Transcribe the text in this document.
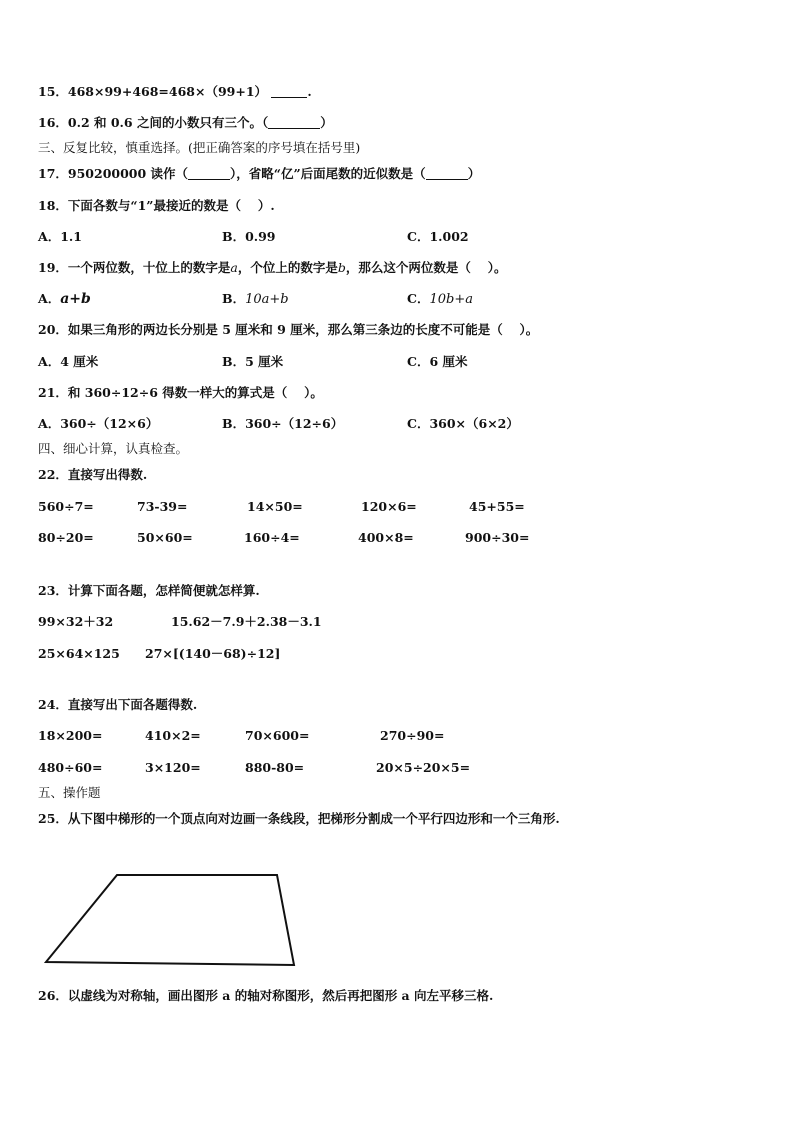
15．468×99+468=468×（99+1）	.
16．0.2 和 0.6 之间的小数只有三个。（	）
三、反复比较，慎重选择。(把正确答案的序号填在括号里)
17．950200000 读作（	），省略“亿”后面尾数的近似数是（	）
18．下面各数与“1”最接近的数是（　 ）.
A．1.1	B．0.99	C．1.002
19．一个两位数，十位上的数字是a，个位上的数字是b，那么这个两位数是（　 ）。
A．a+b	B．10a+b	C．10b+a
20．如果三角形的两边长分别是 5 厘米和 9 厘米，那么第三条边的长度不可能是（　 ）。
A．4 厘米	B．5 厘米	C．6 厘米
21．和 360÷12÷6 得数一样大的算式是（　 ）。
A．360÷（12×6）	B．360÷（12÷6）	C．360×（6×2）
四、细心计算，认真检查。
22．直接写出得数.
560÷7=	73-39=	14×50=	120×6=	45+55=
80÷20=	50×60=	160÷4=	400×8=	900÷30=
23．计算下面各题，怎样简便就怎样算.
99×32＋32	15.62－7.9＋2.38－3.1
25×64×125 27×[(140－68)÷12]
24．直接写出下面各题得数.
18×200=	410×2=	70×600=	270÷90=
480÷60=	3×120=	880-80=	20×5÷20×5=
五、操作题
25．从下图中梯形的一个顶点向对边画一条线段，把梯形分割成一个平行四边形和一个三角形.
26．以虚线为对称轴，画出图形 a 的轴对称图形，然后再把图形 a 向左平移三格.
